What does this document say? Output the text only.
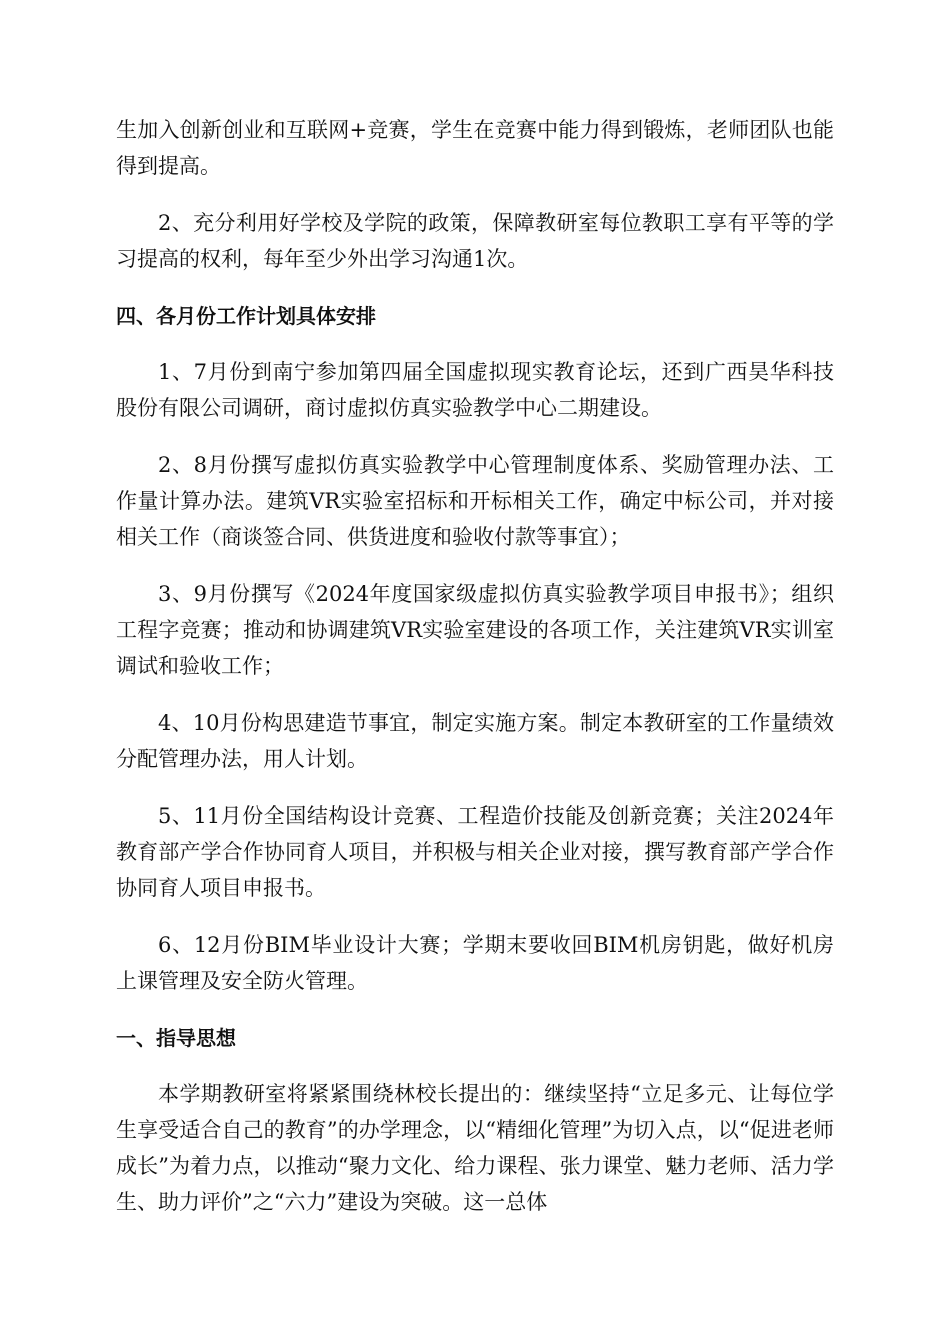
生加入创新创业和互联网+竞赛，学生在竞赛中能力得到锻炼，老师团队也能得到提高。

2、充分利用好学校及学院的政策，保障教研室每位教职工享有平等的学习提高的权利，每年至少外出学习沟通1次。

四、各月份工作计划具体安排

1、7月份到南宁参加第四届全国虚拟现实教育论坛，还到广西昊华科技股份有限公司调研，商讨虚拟仿真实验教学中心二期建设。

2、8月份撰写虚拟仿真实验教学中心管理制度体系、奖励管理办法、工作量计算办法。建筑VR实验室招标和开标相关工作，确定中标公司，并对接相关工作（商谈签合同、供货进度和验收付款等事宜）；

3、9月份撰写《2024年度国家级虚拟仿真实验教学项目申报书》；组织工程字竞赛；推动和协调建筑VR实验室建设的各项工作，关注建筑VR实训室调试和验收工作；

4、10月份构思建造节事宜，制定实施方案。制定本教研室的工作量绩效分配管理办法，用人计划。

5、11月份全国结构设计竞赛、工程造价技能及创新竞赛；关注2024年教育部产学合作协同育人项目，并积极与相关企业对接，撰写教育部产学合作协同育人项目申报书。

6、12月份BIM毕业设计大赛；学期末要收回BIM机房钥匙，做好机房上课管理及安全防火管理。

一、指导思想

本学期教研室将紧紧围绕林校长提出的：继续坚持“立足多元、让每位学生享受适合自己的教育”的办学理念，以“精细化管理”为切入点，以“促进老师成长”为着力点，以推动“聚力文化、给力课程、张力课堂、魅力老师、活力学生、助力评价”之“六力”建设为突破。这一总体
